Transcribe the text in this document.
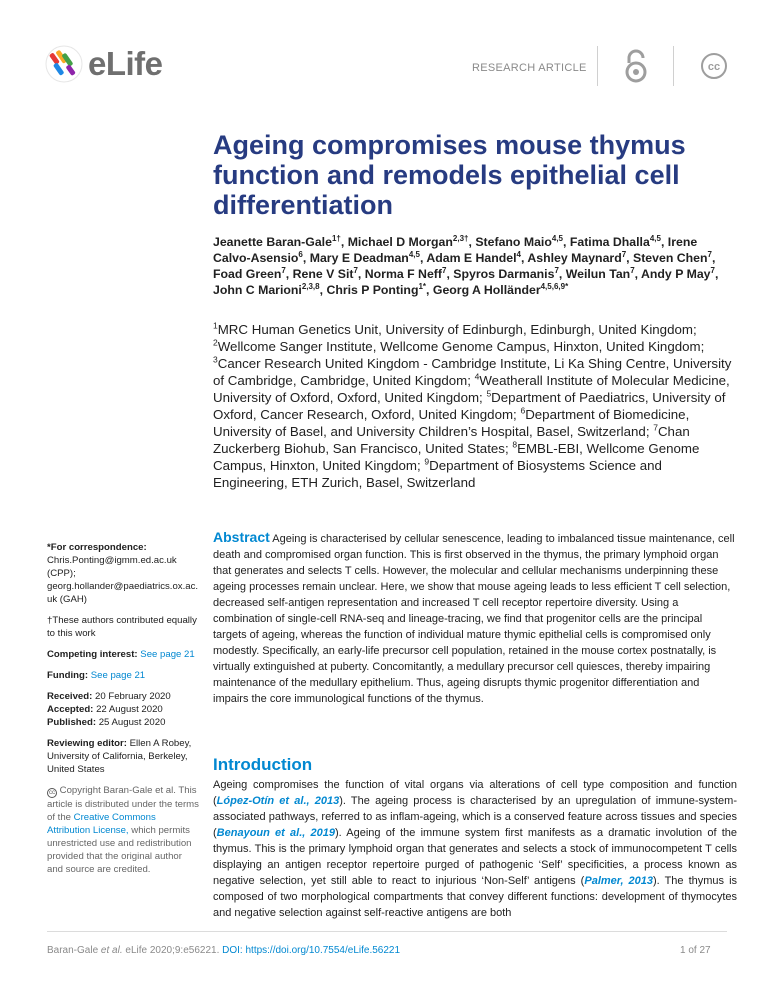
eLife	RESEARCH ARTICLE	cc
Ageing compromises mouse thymus function and remodels epithelial cell differentiation
Jeanette Baran-Gale$^{1\dagger}$, Michael D Morgan$^{2,3\dagger}$, Stefano Maio$^{4,5}$, Fatima Dhalla$^{4,5}$, Irene Calvo-Asensio$^6$, Mary E Deadman$^{4,5}$, Adam E Handel$^4$, Ashley Maynard$^7$, Steven Chen$^7$, Foad Green$^7$, Rene V Sit$^7$, Norma F Neff$^7$, Spyros Darmanis$^7$, Weilun Tan$^7$, Andy P May$^7$, John C Marioni$^{2,3,8}$, Chris P Ponting$^{1*}$, Georg A Holländer$^{4,5,6,9*}$
$^1$MRC Human Genetics Unit, University of Edinburgh, Edinburgh, United Kingdom; $^2$Wellcome Sanger Institute, Wellcome Genome Campus, Hinxton, United Kingdom; $^3$Cancer Research United Kingdom - Cambridge Institute, Li Ka Shing Centre, University of Cambridge, Cambridge, United Kingdom; $^4$Weatherall Institute of Molecular Medicine, University of Oxford, Oxford, United Kingdom; $^5$Department of Paediatrics, University of Oxford, Cancer Research, Oxford, United Kingdom; $^6$Department of Biomedicine, University of Basel, and University Children’s Hospital, Basel, Switzerland; $^7$Chan Zuckerberg Biohub, San Francisco, United States; $^8$EMBL-EBI, Wellcome Genome Campus, Hinxton, United Kingdom; $^9$Department of Biosystems Science and Engineering, ETH Zurich, Basel, Switzerland
*For correspondence:
Chris.Ponting@igmm.ed.ac.uk (CPP);
georg.hollander@paediatrics.ox.ac.uk (GAH)
†These authors contributed equally to this work
Competing interest: See page 21
Funding: See page 21
Received: 20 February 2020
Accepted: 22 August 2020
Published: 25 August 2020
Reviewing editor: Ellen A Robey, University of California, Berkeley, United States
cc Copyright Baran-Gale et al. This article is distributed under the terms of the Creative Commons Attribution License, which permits unrestricted use and redistribution provided that the original author and source are credited.
Abstract Ageing is characterised by cellular senescence, leading to imbalanced tissue maintenance, cell death and compromised organ function. This is first observed in the thymus, the primary lymphoid organ that generates and selects T cells. However, the molecular and cellular mechanisms underpinning these ageing processes remain unclear. Here, we show that mouse ageing leads to less efficient T cell selection, decreased self-antigen representation and increased T cell receptor repertoire diversity. Using a combination of single-cell RNA-seq and lineage-tracing, we find that progenitor cells are the principal targets of ageing, whereas the function of individual mature thymic epithelial cells is compromised only modestly. Specifically, an early-life precursor cell population, retained in the mouse cortex postnatally, is virtually extinguished at puberty. Concomitantly, a medullary precursor cell quiesces, thereby impairing maintenance of the medullary epithelium. Thus, ageing disrupts thymic progenitor differentiation and impairs the core immunological functions of the thymus.
Introduction
Ageing compromises the function of vital organs via alterations of cell type composition and function (López-Otín et al., 2013). The ageing process is characterised by an upregulation of immune-system-associated pathways, referred to as inflam-ageing, which is a conserved feature across tissues and species (Benayoun et al., 2019). Ageing of the immune system first manifests as a dramatic involution of the thymus. This is the primary lymphoid organ that generates and selects a stock of immunocompetent T cells displaying an antigen receptor repertoire purged of pathogenic ‘Self’ specificities, a process known as negative selection, yet still able to react to injurious ‘Non-Self’ antigens (Palmer, 2013). The thymus is composed of two morphological compartments that convey different functions: development of thymocytes and negative selection against self-reactive antigens are both
Baran-Gale et al. eLife 2020;9:e56221. DOI: https://doi.org/10.7554/eLife.56221	1 of 27
